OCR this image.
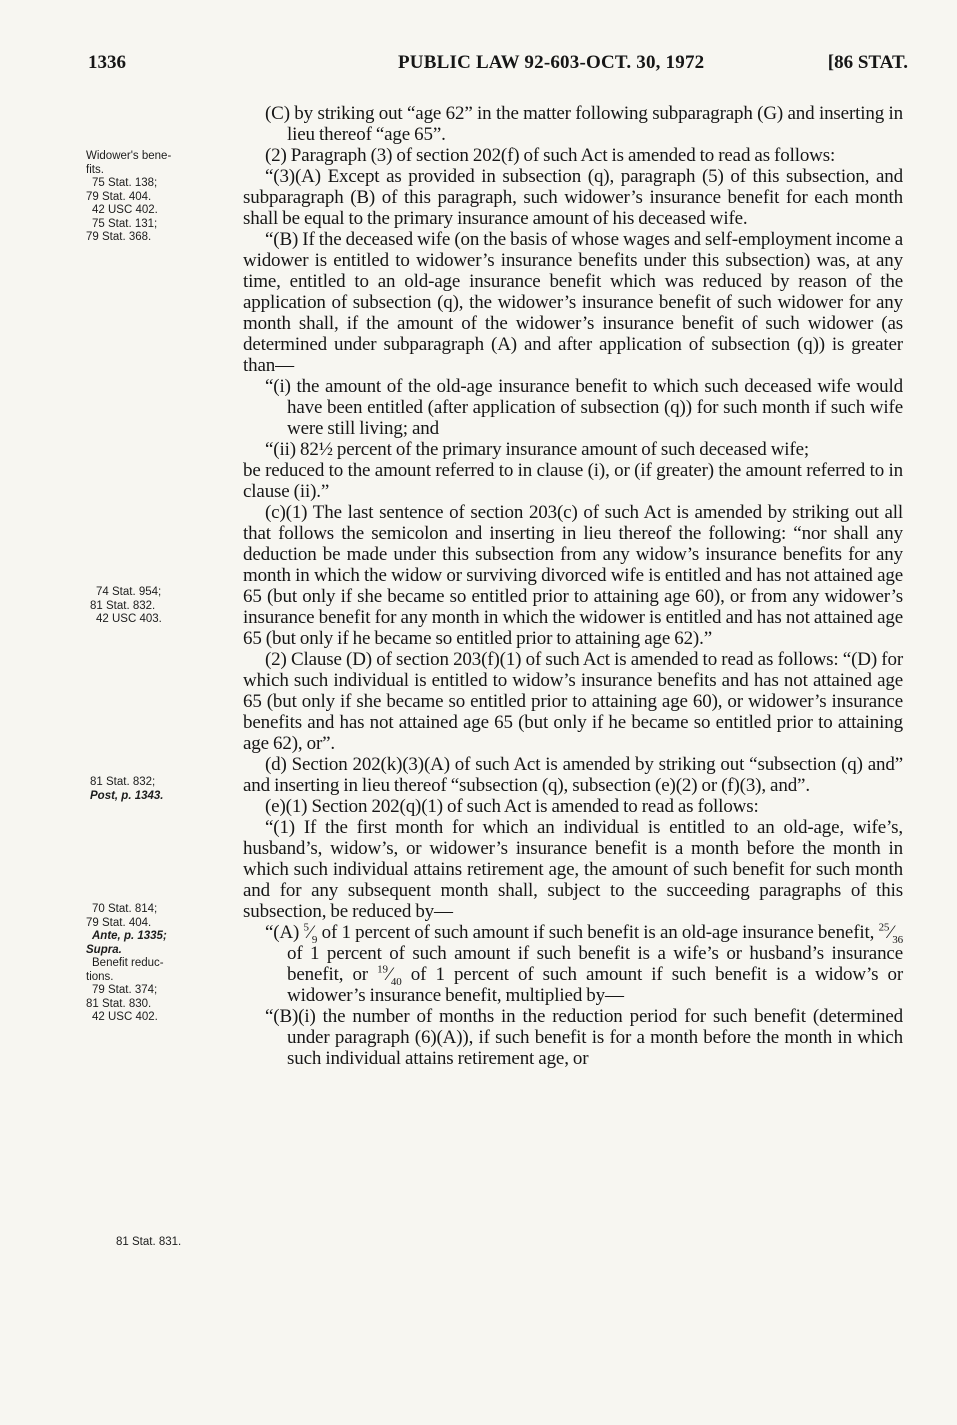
1336	PUBLIC LAW 92-603-OCT. 30, 1972	[86 STAT.
Widower's bene-
fits.
75 Stat. 138;
79 Stat. 404.
42 USC 402.
75 Stat. 131;
79 Stat. 368.
74 Stat. 954;
81 Stat. 832.
42 USC 403.
81 Stat. 832;
Post, p. 1343.
70 Stat. 814;
79 Stat. 404.
Ante, p. 1335;
Supra.
Benefit reduc-
tions.
79 Stat. 374;
81 Stat. 830.
42 USC 402.
81 Stat. 831.

(C) by striking out “age 62” in the matter following subparagraph (G) and inserting in lieu thereof “age 65”.

(2) Paragraph (3) of section 202(f) of such Act is amended to read as follows:

“(3)(A) Except as provided in subsection (q), paragraph (5) of this subsection, and subparagraph (B) of this paragraph, such widower’s insurance benefit for each month shall be equal to the primary insurance amount of his deceased wife.

“(B) If the deceased wife (on the basis of whose wages and self-employment income a widower is entitled to widower’s insurance benefits under this subsection) was, at any time, entitled to an old-age insurance benefit which was reduced by reason of the application of subsection (q), the widower’s insurance benefit of such widower for any month shall, if the amount of the widower’s insurance benefit of such widower (as determined under subparagraph (A) and after application of subsection (q)) is greater than—

“(i) the amount of the old-age insurance benefit to which such deceased wife would have been entitled (after application of subsection (q)) for such month if such wife were still living; and

“(ii) 82½ percent of the primary insurance amount of such deceased wife;

be reduced to the amount referred to in clause (i), or (if greater) the amount referred to in clause (ii).”

(c)(1) The last sentence of section 203(c) of such Act is amended by striking out all that follows the semicolon and inserting in lieu thereof the following: “nor shall any deduction be made under this subsection from any widow’s insurance benefits for any month in which the widow or surviving divorced wife is entitled and has not attained age 65 (but only if she became so entitled prior to attaining age 60), or from any widower’s insurance benefit for any month in which the widower is entitled and has not attained age 65 (but only if he became so entitled prior to attaining age 62).”

(2) Clause (D) of section 203(f)(1) of such Act is amended to read as follows: “(D) for which such individual is entitled to widow’s insurance benefits and has not attained age 65 (but only if she became so entitled prior to attaining age 60), or widower’s insurance benefits and has not attained age 65 (but only if he became so entitled prior to attaining age 62), or”.

(d) Section 202(k)(3)(A) of such Act is amended by striking out “subsection (q) and” and inserting in lieu thereof “subsection (q), subsection (e)(2) or (f)(3), and”.

(e)(1) Section 202(q)(1) of such Act is amended to read as follows:

“(1) If the first month for which an individual is entitled to an old-age, wife’s, husband’s, widow’s, or widower’s insurance benefit is a month before the month in which such individual attains retirement age, the amount of such benefit for such month and for any subsequent month shall, subject to the succeeding paragraphs of this subsection, be reduced by—

“(A) $^5⁄_9$ of 1 percent of such amount if such benefit is an old-age insurance benefit, $^{25}⁄_{36}$ of 1 percent of such amount if such benefit is a wife’s or husband’s insurance benefit, or $^{19}⁄_{40}$ of 1 percent of such amount if such benefit is a widow’s or widower’s insurance benefit, multiplied by—

“(B)(i) the number of months in the reduction period for such benefit (determined under paragraph (6)(A)), if such benefit is for a month before the month in which such individual attains retirement age, or
